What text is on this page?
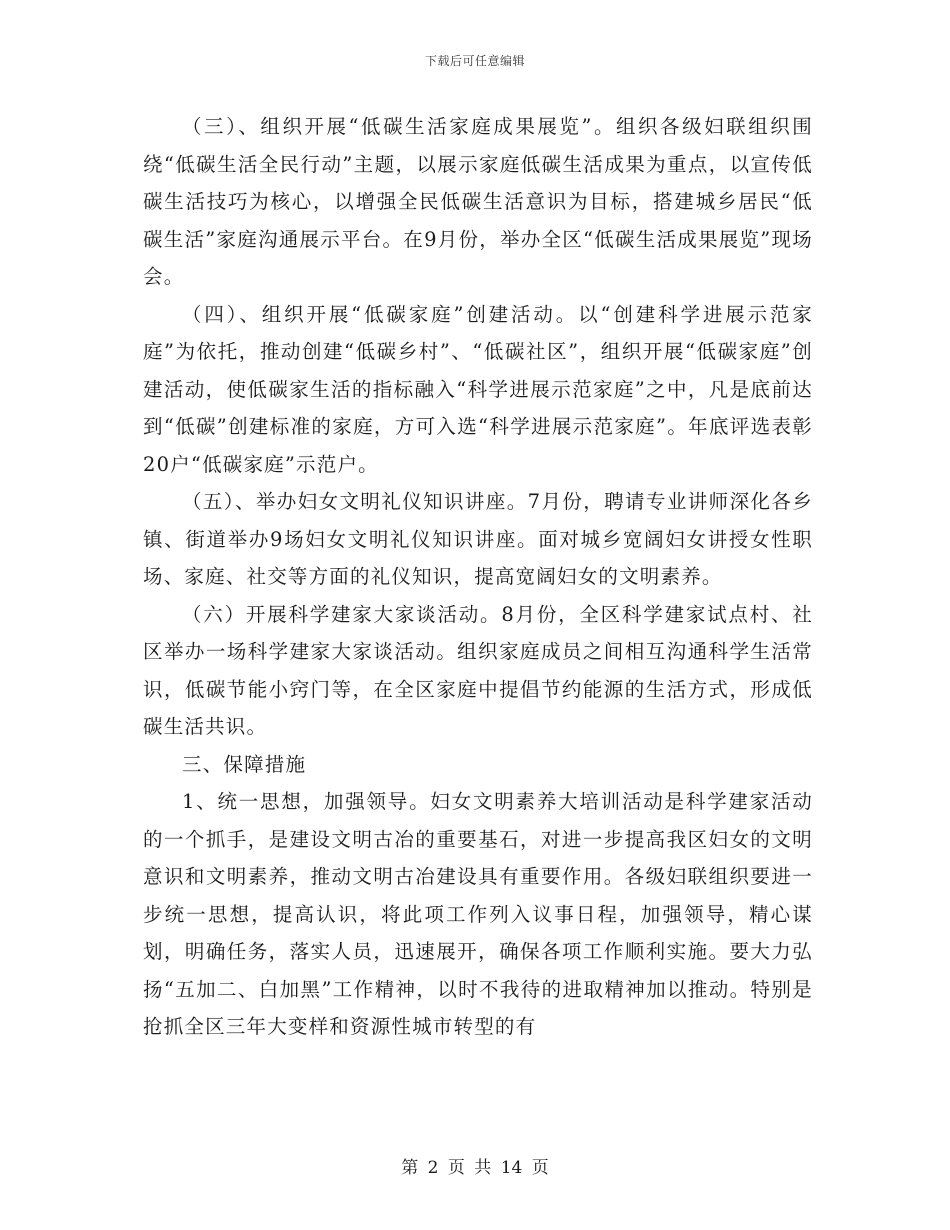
下载后可任意编辑

（三）、组织开展“低碳生活家庭成果展览”。组织各级妇联组织围绕“低碳生活全民行动”主题，以展示家庭低碳生活成果为重点，以宣传低碳生活技巧为核心，以增强全民低碳生活意识为目标，搭建城乡居民“低碳生活”家庭沟通展示平台。在9月份，举办全区“低碳生活成果展览”现场会。

（四）、组织开展“低碳家庭”创建活动。以“创建科学进展示范家庭”为依托，推动创建“低碳乡村”、“低碳社区”，组织开展“低碳家庭”创建活动，使低碳家生活的指标融入“科学进展示范家庭”之中，凡是底前达到“低碳”创建标准的家庭，方可入选“科学进展示范家庭”。年底评选表彰20户“低碳家庭”示范户。

（五）、举办妇女文明礼仪知识讲座。7月份，聘请专业讲师深化各乡镇、街道举办9场妇女文明礼仪知识讲座。面对城乡宽阔妇女讲授女性职场、家庭、社交等方面的礼仪知识，提高宽阔妇女的文明素养。

（六）开展科学建家大家谈活动。8月份，全区科学建家试点村、社区举办一场科学建家大家谈活动。组织家庭成员之间相互沟通科学生活常识，低碳节能小窍门等，在全区家庭中提倡节约能源的生活方式，形成低碳生活共识。

三、保障措施

1、统一思想，加强领导。妇女文明素养大培训活动是科学建家活动的一个抓手，是建设文明古冶的重要基石，对进一步提高我区妇女的文明意识和文明素养，推动文明古冶建设具有重要作用。各级妇联组织要进一步统一思想，提高认识，将此项工作列入议事日程，加强领导，精心谋划，明确任务，落实人员，迅速展开，确保各项工作顺利实施。要大力弘扬“五加二、白加黑”工作精神，以时不我待的进取精神加以推动。特别是抢抓全区三年大变样和资源性城市转型的有

第 2 页 共 14 页
